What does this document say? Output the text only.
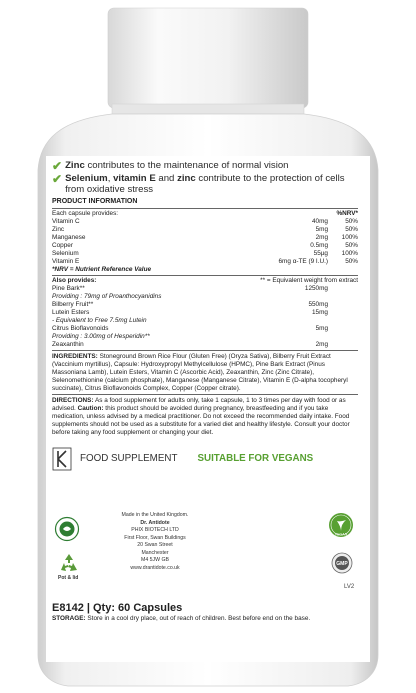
✔ Zinc contributes to the maintenance of normal vision
✔ Selenium, vitamin E and zinc contribute to the protection of cells from oxidative stress
PRODUCT INFORMATION
Each capsule provides:	%NRV*
Vitamin C	40mg	50%
Zinc	5mg	50%
Manganese	2mg	100%
Copper	0.5mg	50%
Selenium	55µg	100%
Vitamin E	6mg α-TE (9 I.U.)	50%
*NRV = Nutrient Reference Value
Also provides:	** = Equivalent weight from extract
Pine Bark**	1250mg
Providing : 79mg of Proanthocyanidins
Bilberry Fruit**	550mg
Lutein Esters	15mg
- Equivalent to Free 7.5mg Lutein
Citrus Bioflavonoids	5mg
Providing : 3.00mg of Hesperidin**
Zeaxanthin	2mg
INGREDIENTS: Stoneground Brown Rice Flour (Gluten Free) (Oryza Sativa), Bilberry Fruit Extract (Vaccinium myrtillus), Capsule: Hydroxypropyl Methylcellulose (HPMC), Pine Bark Extract (Pinus Massoniana Lamb), Lutein Esters, Vitamin C (Ascorbic Acid), Zeaxanthin, Zinc (Zinc Citrate), Selenomethionine (calcium phosphate), Manganese (Manganese Citrate), Vitamin E (D-alpha tocopheryl succinate), Citrus Bioflavonoids Complex, Copper (Copper citrate).
DIRECTIONS: As a food supplement for adults only, take 1 capsule, 1 to 3 times per day with food or as advised. Caution: this product should be avoided during pregnancy, breastfeeding and if you take medication, unless advised by a medical practitioner. Do not exceed the recommended daily intake. Food supplements should not be used as a substitute for a varied diet and healthy lifestyle. Consult your doctor before taking any food supplement or changing your diet.
FOOD SUPPLEMENT SUITABLE FOR VEGANS
Pot & lid
Made in the United Kingdom.
Dr. Antidote
PHIX BIOTECH LTD
First Floor, Swan Buildings
20 Swan Street
Manchester
M4 5JW GB
www.drantidote.co.uk
VEGAN
GMP
LV2
E8142 | Qty: 60 Capsules
STORAGE: Store in a cool dry place, out of reach of children. Best before end on the base.
